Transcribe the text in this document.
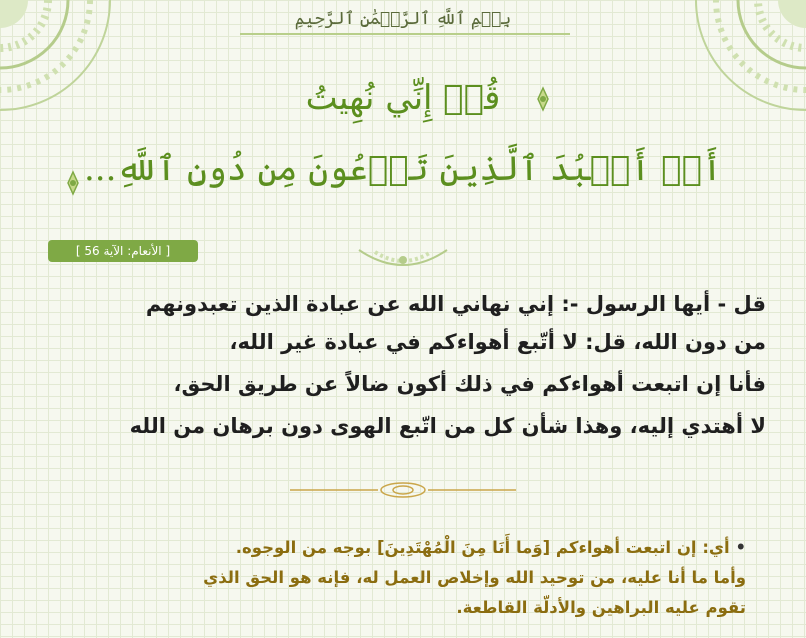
بِسۡمِ ٱللَّهِ ٱلرَّحۡمَٰنِ ٱلرَّحِيمِ
قُلۡ إِنِّي نُهِيتُ
أَنۡ أَعۡبُدَ ٱلَّذِينَ تَدۡعُونَ مِن دُونِ ٱللَّهِ...
[ الأنعام: الآية 56 ]
قل - أيها الرسول -: إني نهاني الله عن عبادة الذين تعبدونهم
من دون الله، قل: لا أتّبع أهواءكم في عبادة غير الله،
فأنا إن اتبعت أهواءكم في ذلك أكون ضالاً عن طريق الحق،
لا أهتدي إليه، وهذا شأن كل من اتّبع الهوى دون برهان من الله
• أي: إن اتبعت أهواءكم [وَما أَنَا مِنَ الْمُهْتَدِينَ] بوجه من الوجوه.
وأما ما أنا عليه، من توحيد الله وإخلاص العمل له، فإنه هو الحق الذي
تقوم عليه البراهين والأدلّة القاطعة.
